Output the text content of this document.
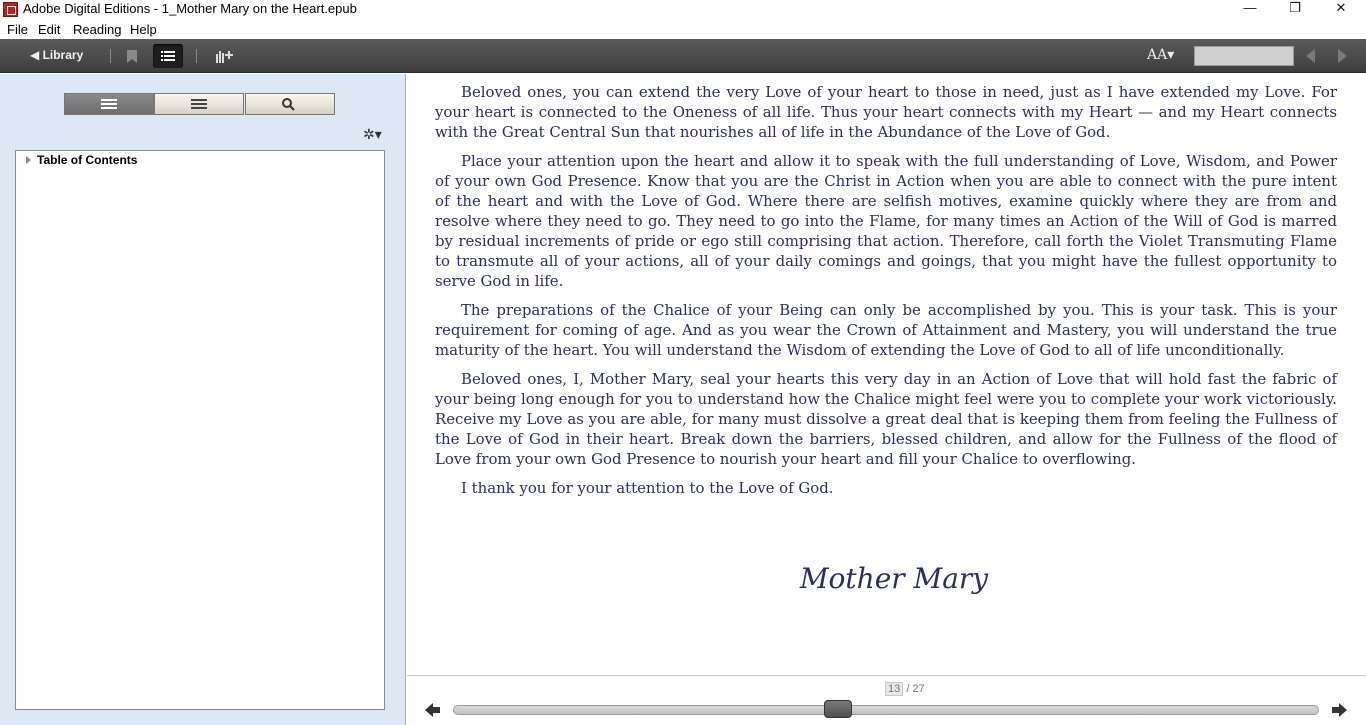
Adobe Digital Editions - 1_Mother Mary on the Heart.epub	—	❐	✕
File Edit Reading Help
◀ Library	AA▾
✲▾
Table of Contents

Beloved ones, you can extend the very Love of your heart to those in need, just as I have extended my Love. For your heart is connected to the Oneness of all life. Thus your heart connects with my Heart — and my Heart connects with the Great Central Sun that nourishes all of life in the Abundance of the Love of God.

Place your attention upon the heart and allow it to speak with the full understanding of Love, Wisdom, and Power of your own God Presence. Know that you are the Christ in Action when you are able to connect with the pure intent of the heart and with the Love of God. Where there are selfish motives, examine quickly where they are from and resolve where they need to go. They need to go into the Flame, for many times an Action of the Will of God is marred by residual increments of pride or ego still comprising that action. Therefore, call forth the Violet Transmuting Flame to transmute all of your actions, all of your daily comings and goings, that you might have the fullest opportunity to serve God in life.

The preparations of the Chalice of your Being can only be accomplished by you. This is your task. This is your requirement for coming of age. And as you wear the Crown of Attainment and Mastery, you will understand the true maturity of the heart. You will understand the Wisdom of extending the Love of God to all of life unconditionally.

Beloved ones, I, Mother Mary, seal your hearts this very day in an Action of Love that will hold fast the fabric of your being long enough for you to understand how the Chalice might feel were you to complete your work victoriously. Receive my Love as you are able, for many must dissolve a great deal that is keeping them from feeling the Fullness of the Love of God in their heart. Break down the barriers, blessed children, and allow for the Fullness of the flood of Love from your own God Presence to nourish your heart and fill your Chalice to overflowing.

I thank you for your attention to the Love of God.

Mother Mary
13 / 27
